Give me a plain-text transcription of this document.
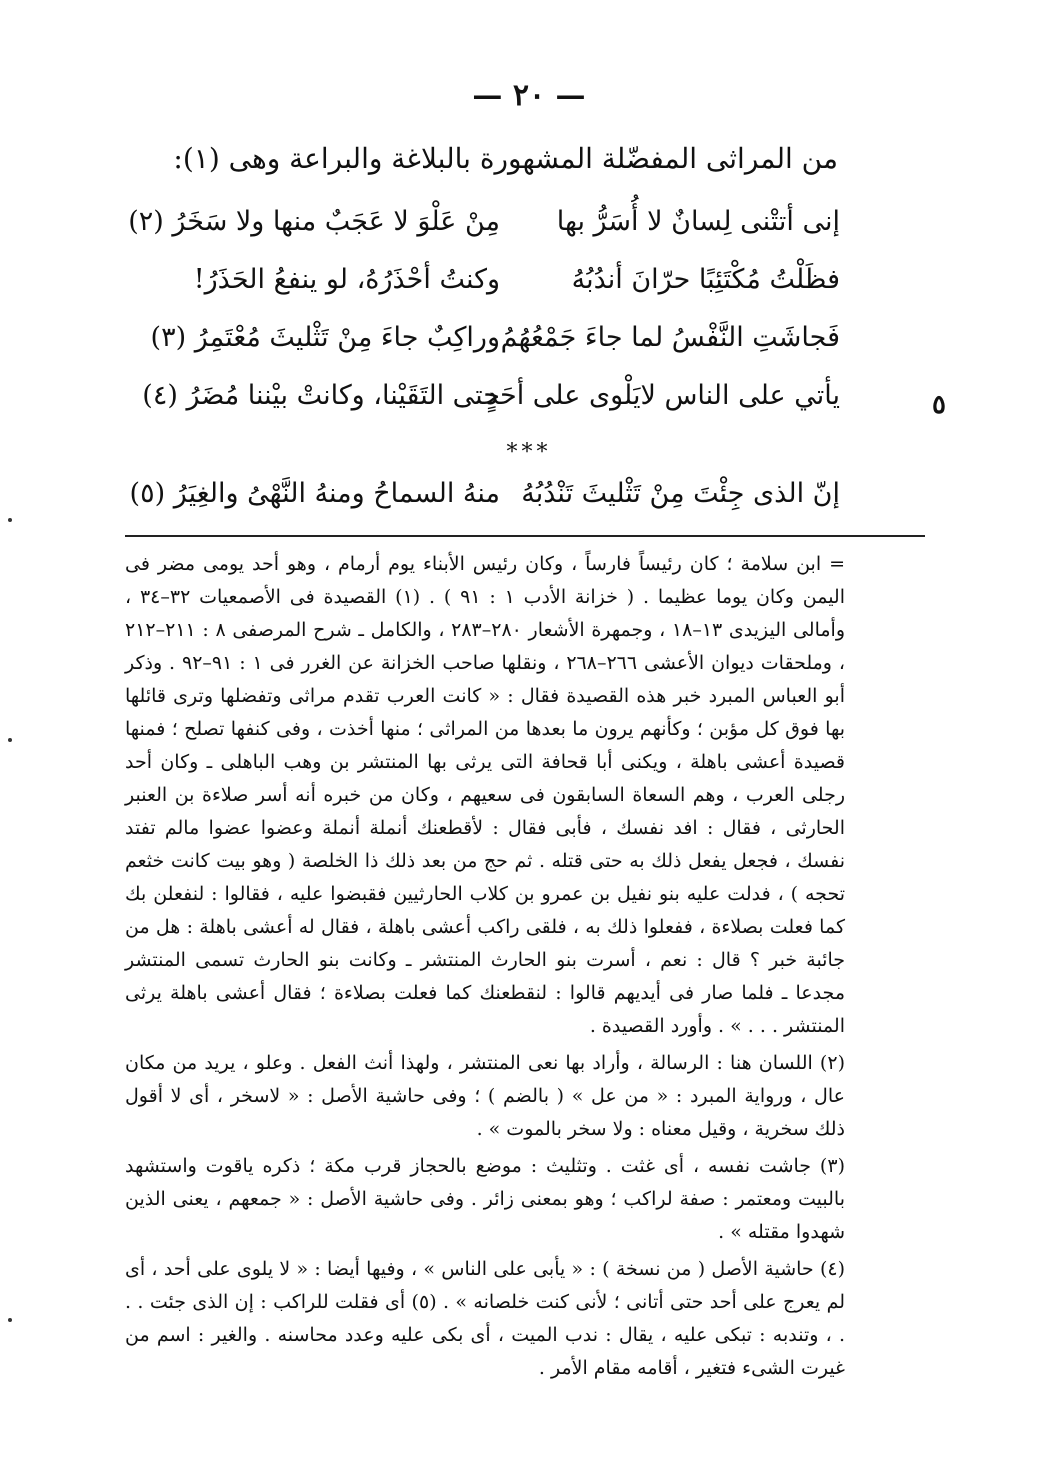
— ٢٠ —
من المراثى المفضّلة المشهورة بالبلاغة والبراعة وهى (١):
إنى أتتْنى لِسانٌ لا أُسَرُّ بها
مِنْ عَلْوَ لا عَجَبٌ منها ولا سَخَرُ (٢)
فظَلْتُ مُكْتَئِبًا حرّانَ أندُبُهُ
وكنتُ أحْذَرُهُ، لو ينفعُ الحَذَرُ!
فَجاشَتِ النَّفْسُ لما جاءَ جَمْعُهُمُ
وراكِبٌ جاءَ مِنْ تَثْليثَ مُعْتَمِرُ (٣)
يأتي على الناس لايَلْوى على أحَدٍ
حتى التَقَيْنا، وكانتْ بيْننا مُضَرُ (٤)	٥
***
إنّ الذى جِئْتَ مِنْ تَثْليثَ تَنْدُبُهُ
منهُ السماحُ ومنهُ النَّهْىُ والغِيَرُ (٥)

= ابن سلامة ؛ كان رئيساً فارساً ، وكان رئيس الأبناء يوم أرمام ، وهو أحد يومى مضر فى اليمن وكان يوما عظيما . ( خزانة الأدب ١ : ٩١ ) . (١) القصيدة فى الأصمعيات ٣٢–٣٤ ، وأمالى اليزيدى ١٣–١٨ ، وجمهرة الأشعار ٢٨٠–٢٨٣ ، والكامل ـ شرح المرصفى ٨ : ٢١١–٢١٢ ، وملحقات ديوان الأعشى ٢٦٦–٢٦٨ ، ونقلها صاحب الخزانة عن الغرر فى ١ : ٩١–٩٢ . وذكر أبو العباس المبرد خبر هذه القصيدة فقال : « كانت العرب تقدم مراثى وتفضلها وترى قائلها بها فوق كل مؤبن ؛ وكأنهم يرون ما بعدها من المراثى ؛ منها أخذت ، وفى كنفها تصلح ؛ فمنها قصيدة أعشى باهلة ، ويكنى أبا قحافة التى يرثى بها المنتشر بن وهب الباهلى ـ وكان أحد رجلى العرب ، وهم السعاة السابقون فى سعيهم ، وكان من خبره أنه أسر صلاءة بن العنبر الحارثى ، فقال : افد نفسك ، فأبى فقال : لأقطعنك أنملة أنملة وعضوا عضوا مالم تفتد نفسك ، فجعل يفعل ذلك به حتى قتله . ثم حج من بعد ذلك ذا الخلصة ( وهو بيت كانت خثعم تحجه ) ، فدلت عليه بنو نفيل بن عمرو بن كلاب الحارثيين فقبضوا عليه ، فقالوا : لنفعلن بك كما فعلت بصلاءة ، ففعلوا ذلك به ، فلقى راكب أعشى باهلة ، فقال له أعشى باهلة : هل من جائبة خبر ؟ قال : نعم ، أسرت بنو الحارث المنتشر ـ وكانت بنو الحارث تسمى المنتشر مجدعا ـ فلما صار فى أيديهم قالوا : لنقطعنك كما فعلت بصلاءة ؛ فقال أعشى باهلة يرثى المنتشر . . . » . وأورد القصيدة .

(٢) اللسان هنا : الرسالة ، وأراد بها نعى المنتشر ، ولهذا أنث الفعل . وعلو ، يريد من مكان عال ، ورواية المبرد : « من عل » ( بالضم ) ؛ وفى حاشية الأصل : « لاسخر ، أى لا أقول ذلك سخرية ، وقيل معناه : ولا سخر بالموت » .

(٣) جاشت نفسه ، أى غثت . وتثليث : موضع بالحجاز قرب مكة ؛ ذكره ياقوت واستشهد بالبيت ومعتمر : صفة لراكب ؛ وهو بمعنى زائر . وفى حاشية الأصل : « جمعهم ، يعنى الذين شهدوا مقتله » .

(٤) حاشية الأصل ( من نسخة ) : « يأبى على الناس » ، وفيها أيضا : « لا يلوى على أحد ، أى لم يعرج على أحد حتى أتانى ؛ لأنى كنت خلصانه » . (٥) أى فقلت للراكب : إن الذى جئت . . . ، وتندبه : تبكى عليه ، يقال : ندب الميت ، أى بكى عليه وعدد محاسنه . والغير : اسم من غيرت الشىء فتغير ، أقامه مقام الأمر .
